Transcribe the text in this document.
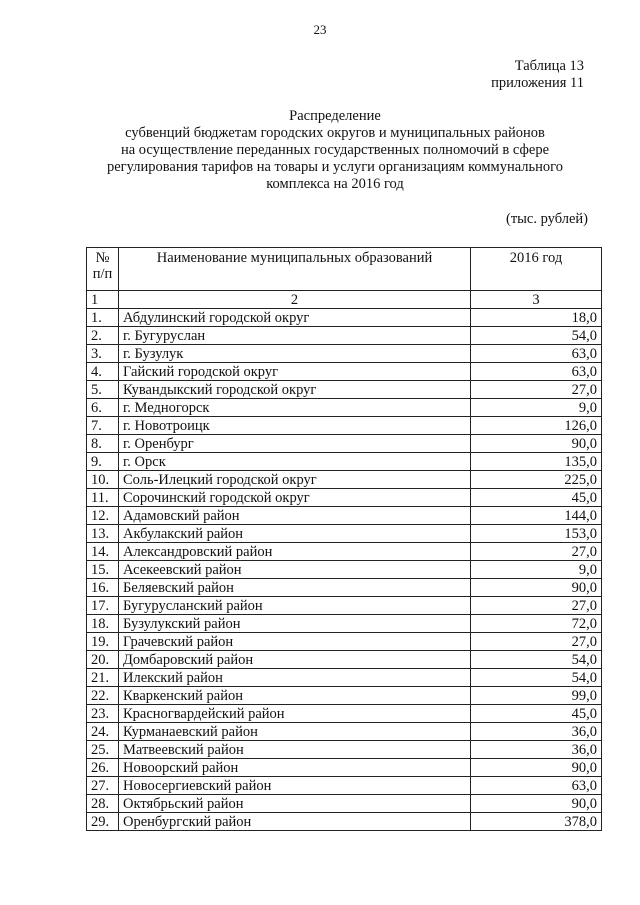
23
Таблица 13
приложения 11
Распределение
субвенций бюджетам городских округов и муниципальных районов
на осуществление переданных государственных полномочий в сфере
регулирования тарифов на товары и услуги организациям коммунального
комплекса на 2016 год
(тыс. рублей)
№
п/п	Наименование муниципальных образований	2016 год
1	2	3
1.	Абдулинский городской округ	18,0
2.	г. Бугуруслан	54,0
3.	г. Бузулук	63,0
4.	Гайский городской округ	63,0
5.	Кувандыкский городской округ	27,0
6.	г. Медногорск	9,0
7.	г. Новотроицк	126,0
8.	г. Оренбург	90,0
9.	г. Орск	135,0
10.	Соль-Илецкий городской округ	225,0
11.	Сорочинский городской округ	45,0
12.	Адамовский район	144,0
13.	Акбулакский район	153,0
14.	Александровский район	27,0
15.	Асекеевский район	9,0
16.	Беляевский район	90,0
17.	Бугурусланский район	27,0
18.	Бузулукский район	72,0
19.	Грачевский район	27,0
20.	Домбаровский район	54,0
21.	Илекский район	54,0
22.	Кваркенский район	99,0
23.	Красногвардейский район	45,0
24.	Курманаевский район	36,0
25.	Матвеевский район	36,0
26.	Новоорский район	90,0
27.	Новосергиевский район	63,0
28.	Октябрьский район	90,0
29.	Оренбургский район	378,0
